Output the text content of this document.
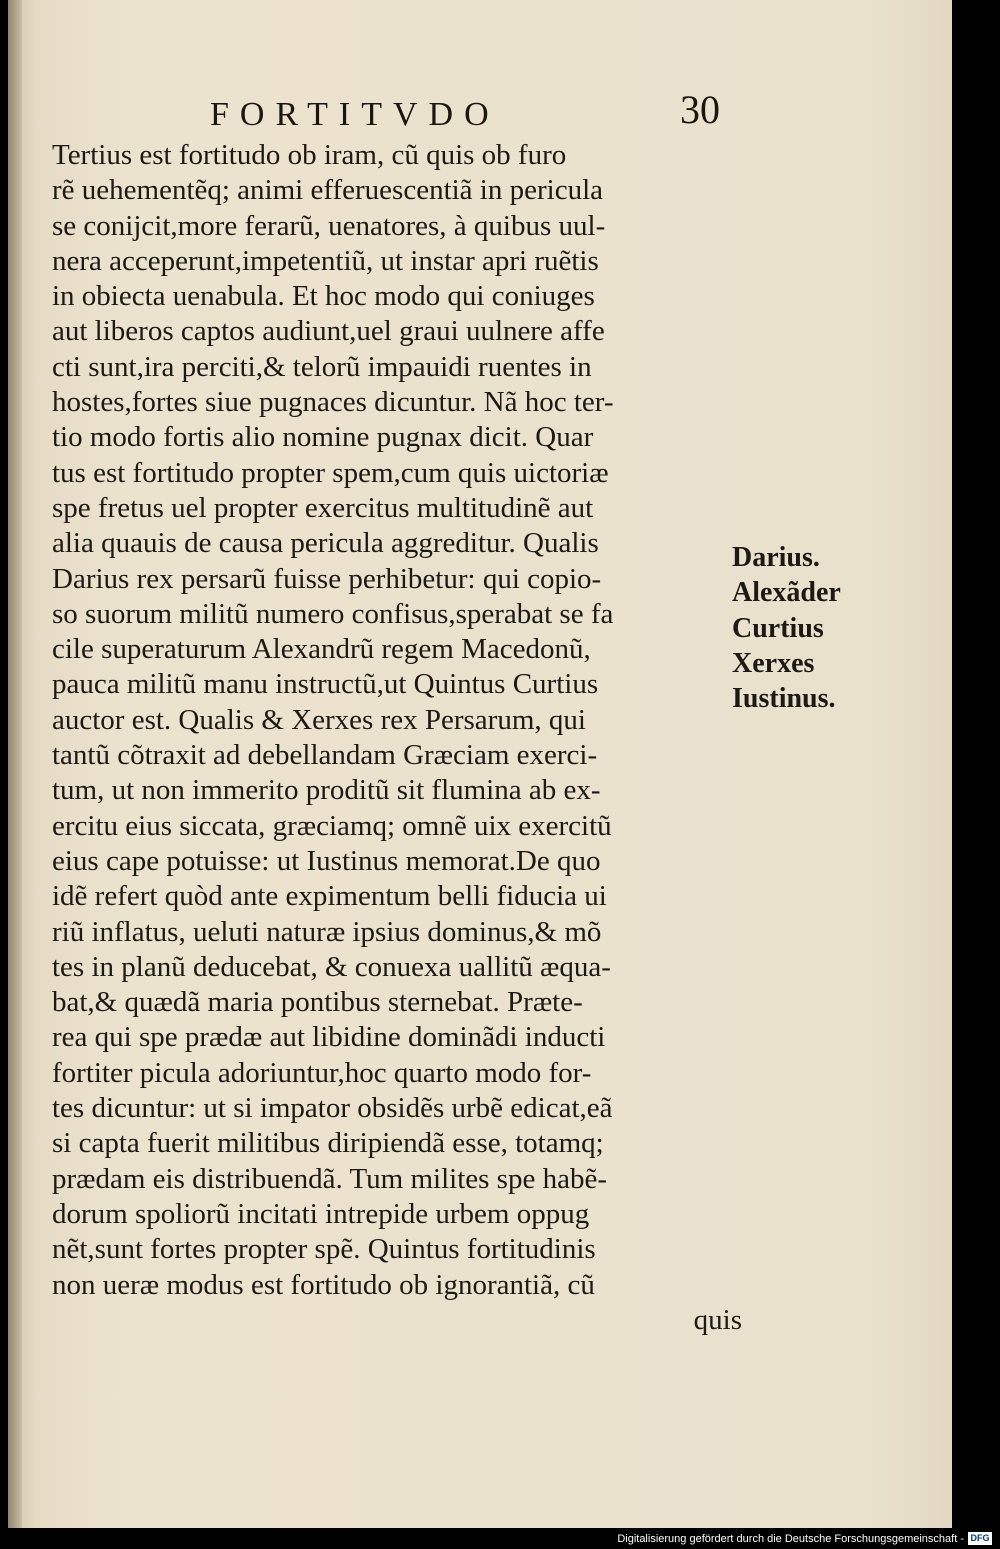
FORTITVDO	30
Tertius est fortitudo ob iram, cũ quis ob furo
rẽ uehementẽq; animi efferuescentiã in pericula
se conijcit,more ferarũ, uenatores, à quibus uul-
nera acceperunt,impetentiũ, ut instar apri ruẽtis
in obiecta uenabula. Et hoc modo qui coniuges
aut liberos captos audiunt,uel graui uulnere affe
cti sunt,ira perciti,& telorũ impauidi ruentes in
hostes,fortes siue pugnaces dicuntur. Nã hoc ter-
tio modo fortis alio nomine pugnax dicit. Quar
tus est fortitudo propter spem,cum quis uictoriæ
spe fretus uel propter exercitus multitudinẽ aut
alia quauis de causa pericula aggreditur. Qualis
Darius rex persarũ fuisse perhibetur: qui copio-
so suorum militũ numero confisus,sperabat se fa
cile superaturum Alexandrũ regem Macedonũ,
pauca militũ manu instructũ,ut Quintus Curtius
auctor est. Qualis & Xerxes rex Persarum, qui
tantũ cõtraxit ad debellandam Græciam exerci-
tum, ut non immerito proditũ sit flumina ab ex-
ercitu eius siccata, græciamq; omnẽ uix exercitũ
eius cape potuisse: ut Iustinus memorat.De quo
idẽ refert quòd ante expimentum belli fiducia ui
riũ inflatus, ueluti naturæ ipsius dominus,& mõ
tes in planũ deducebat, & conuexa uallitũ æqua-
bat,& quædã maria pontibus sternebat. Præte-
rea qui spe prædæ aut libidine dominãdi inducti
fortiter picula adoriuntur,hoc quarto modo for-
tes dicuntur: ut si impator obsidẽs urbẽ edicat,eã
si capta fuerit militibus diripiendã esse, totamq;
prædam eis distribuendã. Tum milites spe habẽ-
dorum spoliorũ incitati intrepide urbem oppug
nẽt,sunt fortes propter spẽ. Quintus fortitudinis
non ueræ modus est fortitudo ob ignorantiã, cũ
quis
Darius.
Alexãder
Curtius
Xerxes
Iustinus.
Digitalisierung gefördert durch die Deutsche Forschungsgemeinschaft - DFG
